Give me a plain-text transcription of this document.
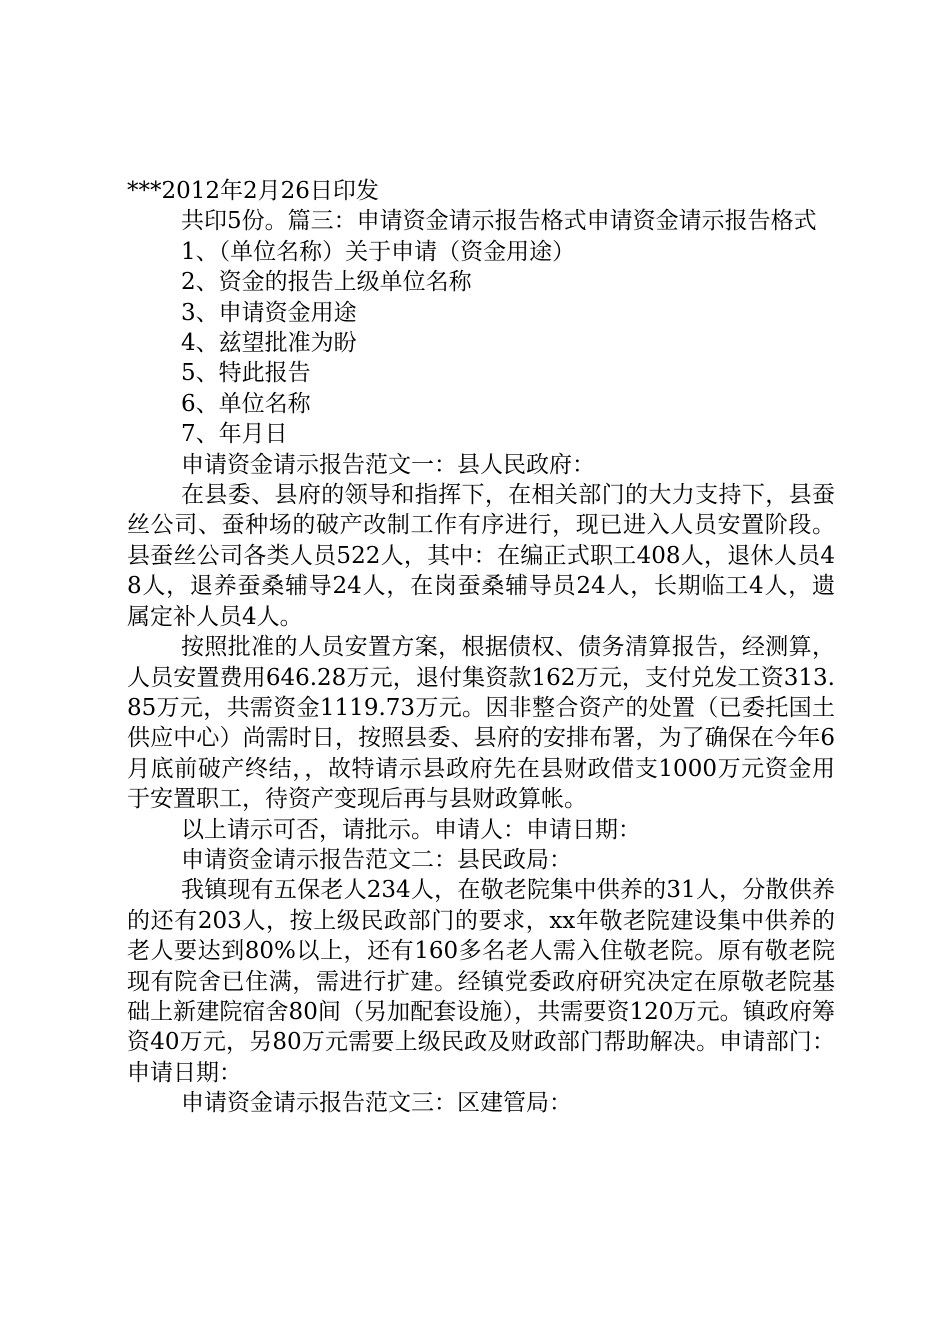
***2012年2月26日印发

共印5份。篇三：申请资金请示报告格式申请资金请示报告格式

1、（单位名称）关于申请（资金用途）

2、资金的报告上级单位名称

3、申请资金用途

4、兹望批准为盼

5、特此报告

6、单位名称

7、年月日

申请资金请示报告范文一：县人民政府：

在县委、县府的领导和指挥下，在相关部门的大力支持下，县蚕丝公司、蚕种场的破产改制工作有序进行，现已进入人员安置阶段。县蚕丝公司各类人员522人，其中：在编正式职工408人，退休人员48人，退养蚕桑辅导24人，在岗蚕桑辅导员24人，长期临工4人，遗属定补人员4人。

按照批准的人员安置方案，根据债权、债务清算报告，经测算，人员安置费用646.28万元，退付集资款162万元，支付兑发工资313.85万元，共需资金1119.73万元。因非整合资产的处置（已委托国土供应中心）尚需时日，按照县委、县府的安排布署，为了确保在今年6月底前破产终结，，故特请示县政府先在县财政借支1000万元资金用于安置职工，待资产变现后再与县财政算帐。

以上请示可否，请批示。申请人：申请日期：

申请资金请示报告范文二：县民政局：

我镇现有五保老人234人，在敬老院集中供养的31人，分散供养的还有203人，按上级民政部门的要求，xx年敬老院建设集中供养的老人要达到80%以上，还有160多名老人需入住敬老院。原有敬老院现有院舍已住满，需进行扩建。经镇党委政府研究决定在原敬老院基础上新建院宿舍80间（另加配套设施），共需要资120万元。镇政府筹资40万元，另80万元需要上级民政及财政部门帮助解决。申请部门：申请日期：

申请资金请示报告范文三：区建管局：
